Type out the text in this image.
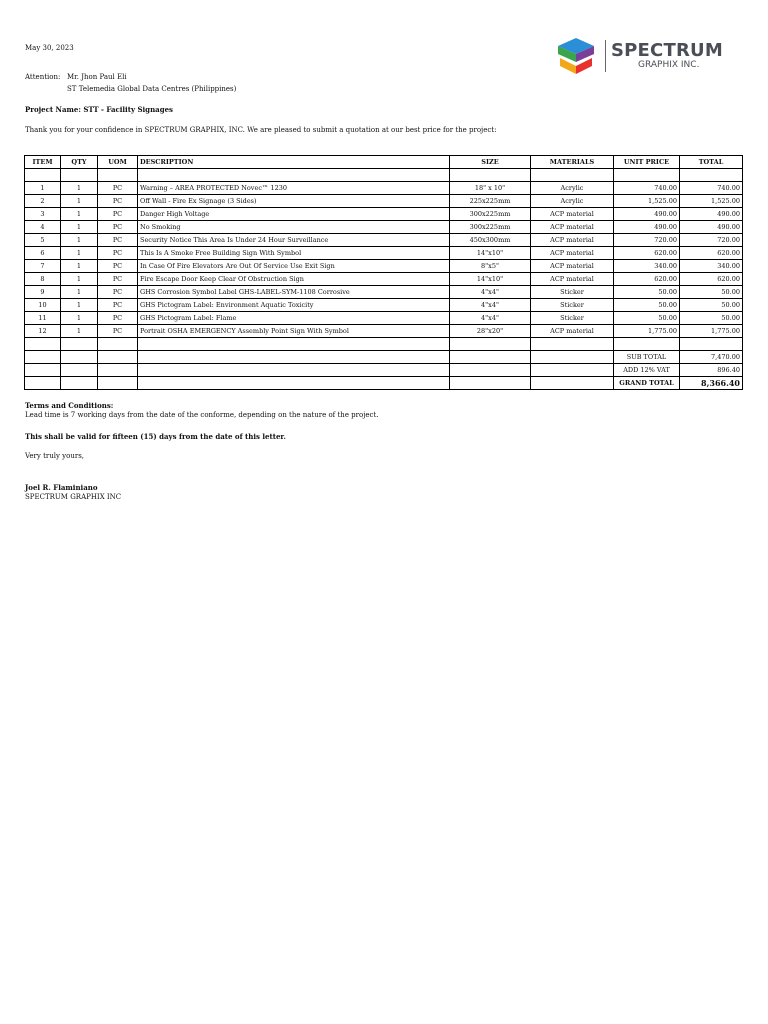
May 30, 2023
Attention: Mr. Jhon Paul Eli
ST Telemedia Global Data Centres (Philippines)
Project Name: STT - Facility Signages
Thank you for your confidence in SPECTRUM GRAPHIX, INC. We are pleased to submit a quotation at our best price for the project:
SPECTRUM
GRAPHIX INC.
ITEM	QTY	UOM	DESCRIPTION	SIZE	MATERIALS	UNIT PRICE	TOTAL

1	1	PC	Warning – AREA PROTECTED Novec™ 1230	18" x 10"	Acrylic	740.00	740.00
2	1	PC	Off Wall - Fire Ex Signage (3 Sides)	225x225mm	Acrylic	1,525.00	1,525.00
3	1	PC	Danger High Voltage	300x225mm	ACP material	490.00	490.00
4	1	PC	No Smoking	300x225mm	ACP material	490.00	490.00
5	1	PC	Security Notice This Area Is Under 24 Hour Surveillance	450x300mm	ACP material	720.00	720.00
6	1	PC	This Is A Smoke Free Building Sign With Symbol	14"x10"	ACP material	620.00	620.00
7	1	PC	In Case Of Fire Elevators Are Out Of Service Use Exit Sign	8"x5"	ACP material	340.00	340.00
8	1	PC	Fire Escape Door Keep Clear Of Obstruction Sign	14"x10"	ACP material	620.00	620.00
9	1	PC	GHS Corrosion Symbol Label GHS-LABEL-SYM-1108 Corrosive	4"x4"	Sticker	50.00	50.00
10	1	PC	GHS Pictogram Label: Environment Aquatic Toxicity	4"x4"	Sticker	50.00	50.00
11	1	PC	GHS Pictogram Label: Flame	4"x4"	Sticker	50.00	50.00
12	1	PC	Portrait OSHA EMERGENCY Assembly Point Sign With Symbol	28"x20"	ACP material	1,775.00	1,775.00

						SUB TOTAL	7,470.00
						ADD 12% VAT	896.40
						GRAND TOTAL	8,366.40
Terms and Conditions:
Lead time is 7 working days from the date of the conforme, depending on the nature of the project.
This shall be valid for fifteen (15) days from the date of this letter.
Very truly yours,
Joel R. Flaminiano
SPECTRUM GRAPHIX INC
